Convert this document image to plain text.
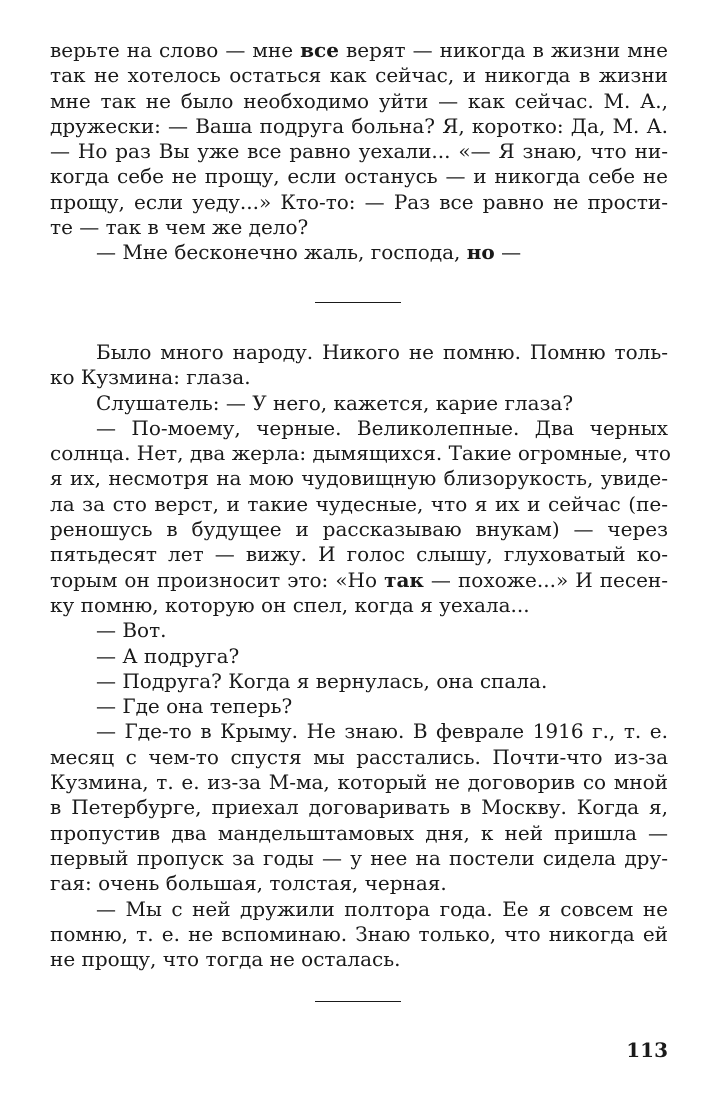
верьте на слово — мне все верят — никогда в жизни мне
так не хотелось остаться как сейчас, и никогда в жизни
мне так не было необходимо уйти — как сейчас. М. А.,
дружески: — Ваша подруга больна? Я, коротко: Да, М. А.
— Но раз Вы уже все равно уехали... «— Я знаю, что ни-
когда себе не прощу, если останусь — и никогда себе не
прощу, если уеду...» Кто-то: — Раз все равно не прости-
те — так в чем же дело?
— Мне бесконечно жаль, господа, но —
Было много народу. Никого не помню. Помню толь-
ко Кузмина: глаза.
Слушатель: — У него, кажется, карие глаза?
— По-моему, черные. Великолепные. Два черных
солнца. Нет, два жерла: дымящихся. Такие огромные, что
я их, несмотря на мою чудовищную близорукость, увиде-
ла за сто верст, и такие чудесные, что я их и сейчас (пе-
реношусь в будущее и рассказываю внукам) — через
пятьдесят лет — вижу. И голос слышу, глуховатый ко-
торым он произносит это: «Но так — похоже...» И песен-
ку помню, которую он спел, когда я уехала...
— Вот.
— А подруга?
— Подруга? Когда я вернулась, она спала.
— Где она теперь?
— Где-то в Крыму. Не знаю. В феврале 1916 г., т. е.
месяц с чем-то спустя мы расстались. Почти-что из-за
Кузмина, т. е. из-за М-ма, который не договорив со мной
в Петербурге, приехал договаривать в Москву. Когда я,
пропустив два мандельштамовых дня, к ней пришла —
первый пропуск за годы — у нее на постели сидела дру-
гая: очень большая, толстая, черная.
— Мы с ней дружили полтора года. Ее я совсем не
помню, т. е. не вспоминаю. Знаю только, что никогда ей
не прощу, что тогда не осталась.
113
